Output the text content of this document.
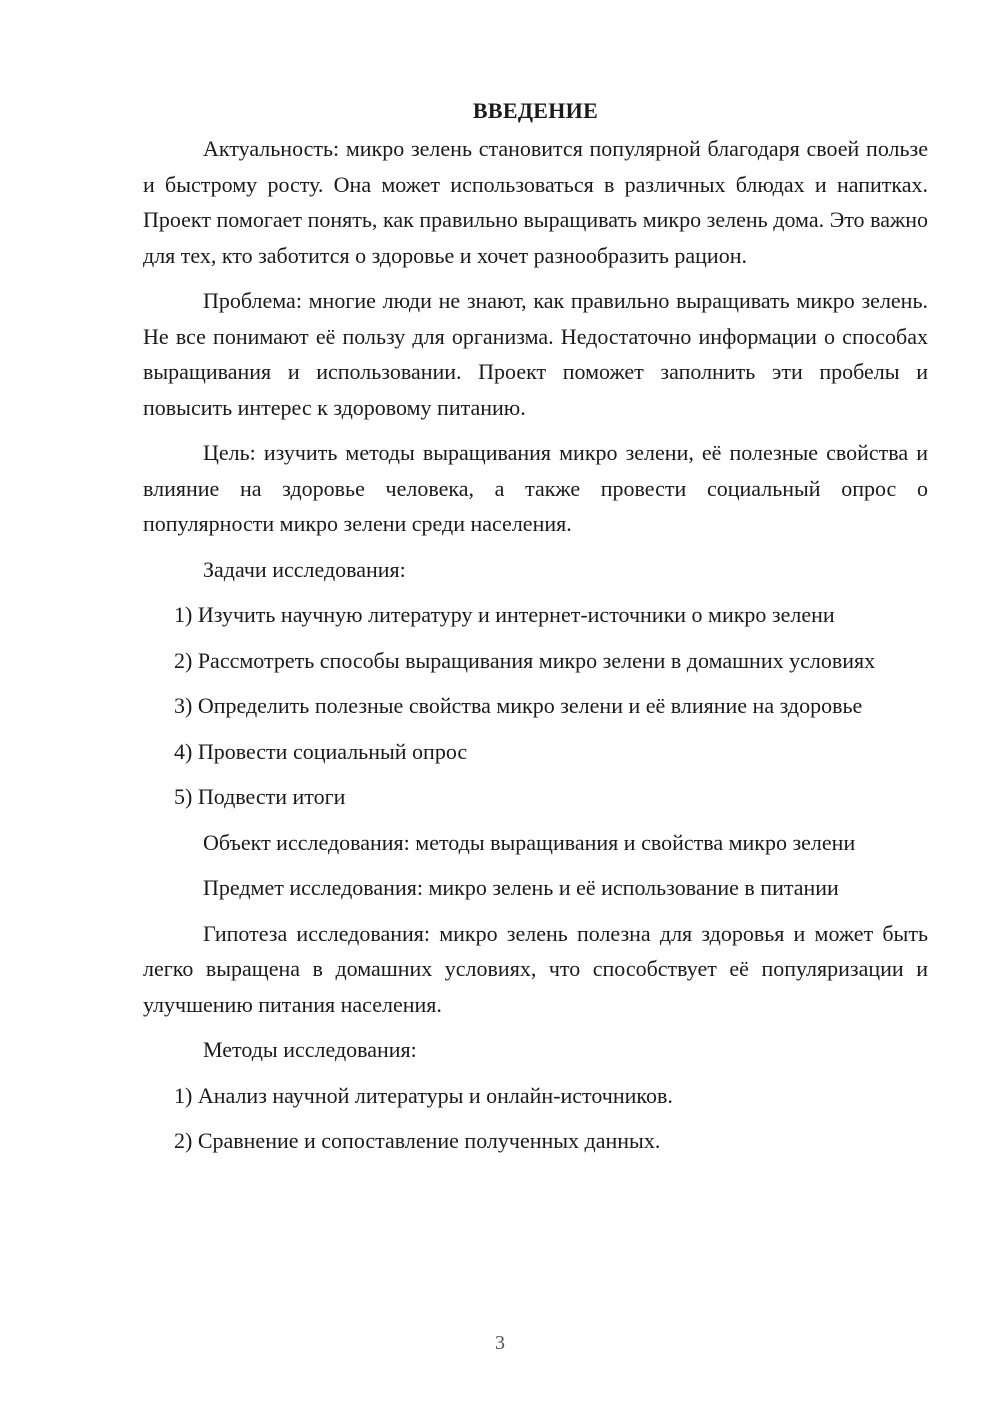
ВВЕДЕНИЕ

Актуальность: микро зелень становится популярной благодаря своей пользе и быстрому росту. Она может использоваться в различных блюдах и напитках. Проект помогает понять, как правильно выращивать микро зелень дома. Это важно для тех, кто заботится о здоровье и хочет разнообразить рацион.

Проблема: многие люди не знают, как правильно выращивать микро зелень. Не все понимают её пользу для организма. Недостаточно информации о способах выращивания и использовании. Проект поможет заполнить эти пробелы и повысить интерес к здоровому питанию.

Цель: изучить методы выращивания микро зелени, её полезные свойства и влияние на здоровье человека, а также провести социальный опрос о популярности микро зелени среди населения.

Задачи исследования:

1) Изучить научную литературу и интернет-источники о микро зелени

2) Рассмотреть способы выращивания микро зелени в домашних условиях

3) Определить полезные свойства микро зелени и её влияние на здоровье

4) Провести социальный опрос

5) Подвести итоги

Объект исследования: методы выращивания и свойства микро зелени

Предмет исследования: микро зелень и её использование в питании

Гипотеза исследования: микро зелень полезна для здоровья и может быть легко выращена в домашних условиях, что способствует её популяризации и улучшению питания населения.

Методы исследования:

1) Анализ научной литературы и онлайн-источников.

2) Сравнение и сопоставление полученных данных.

3
